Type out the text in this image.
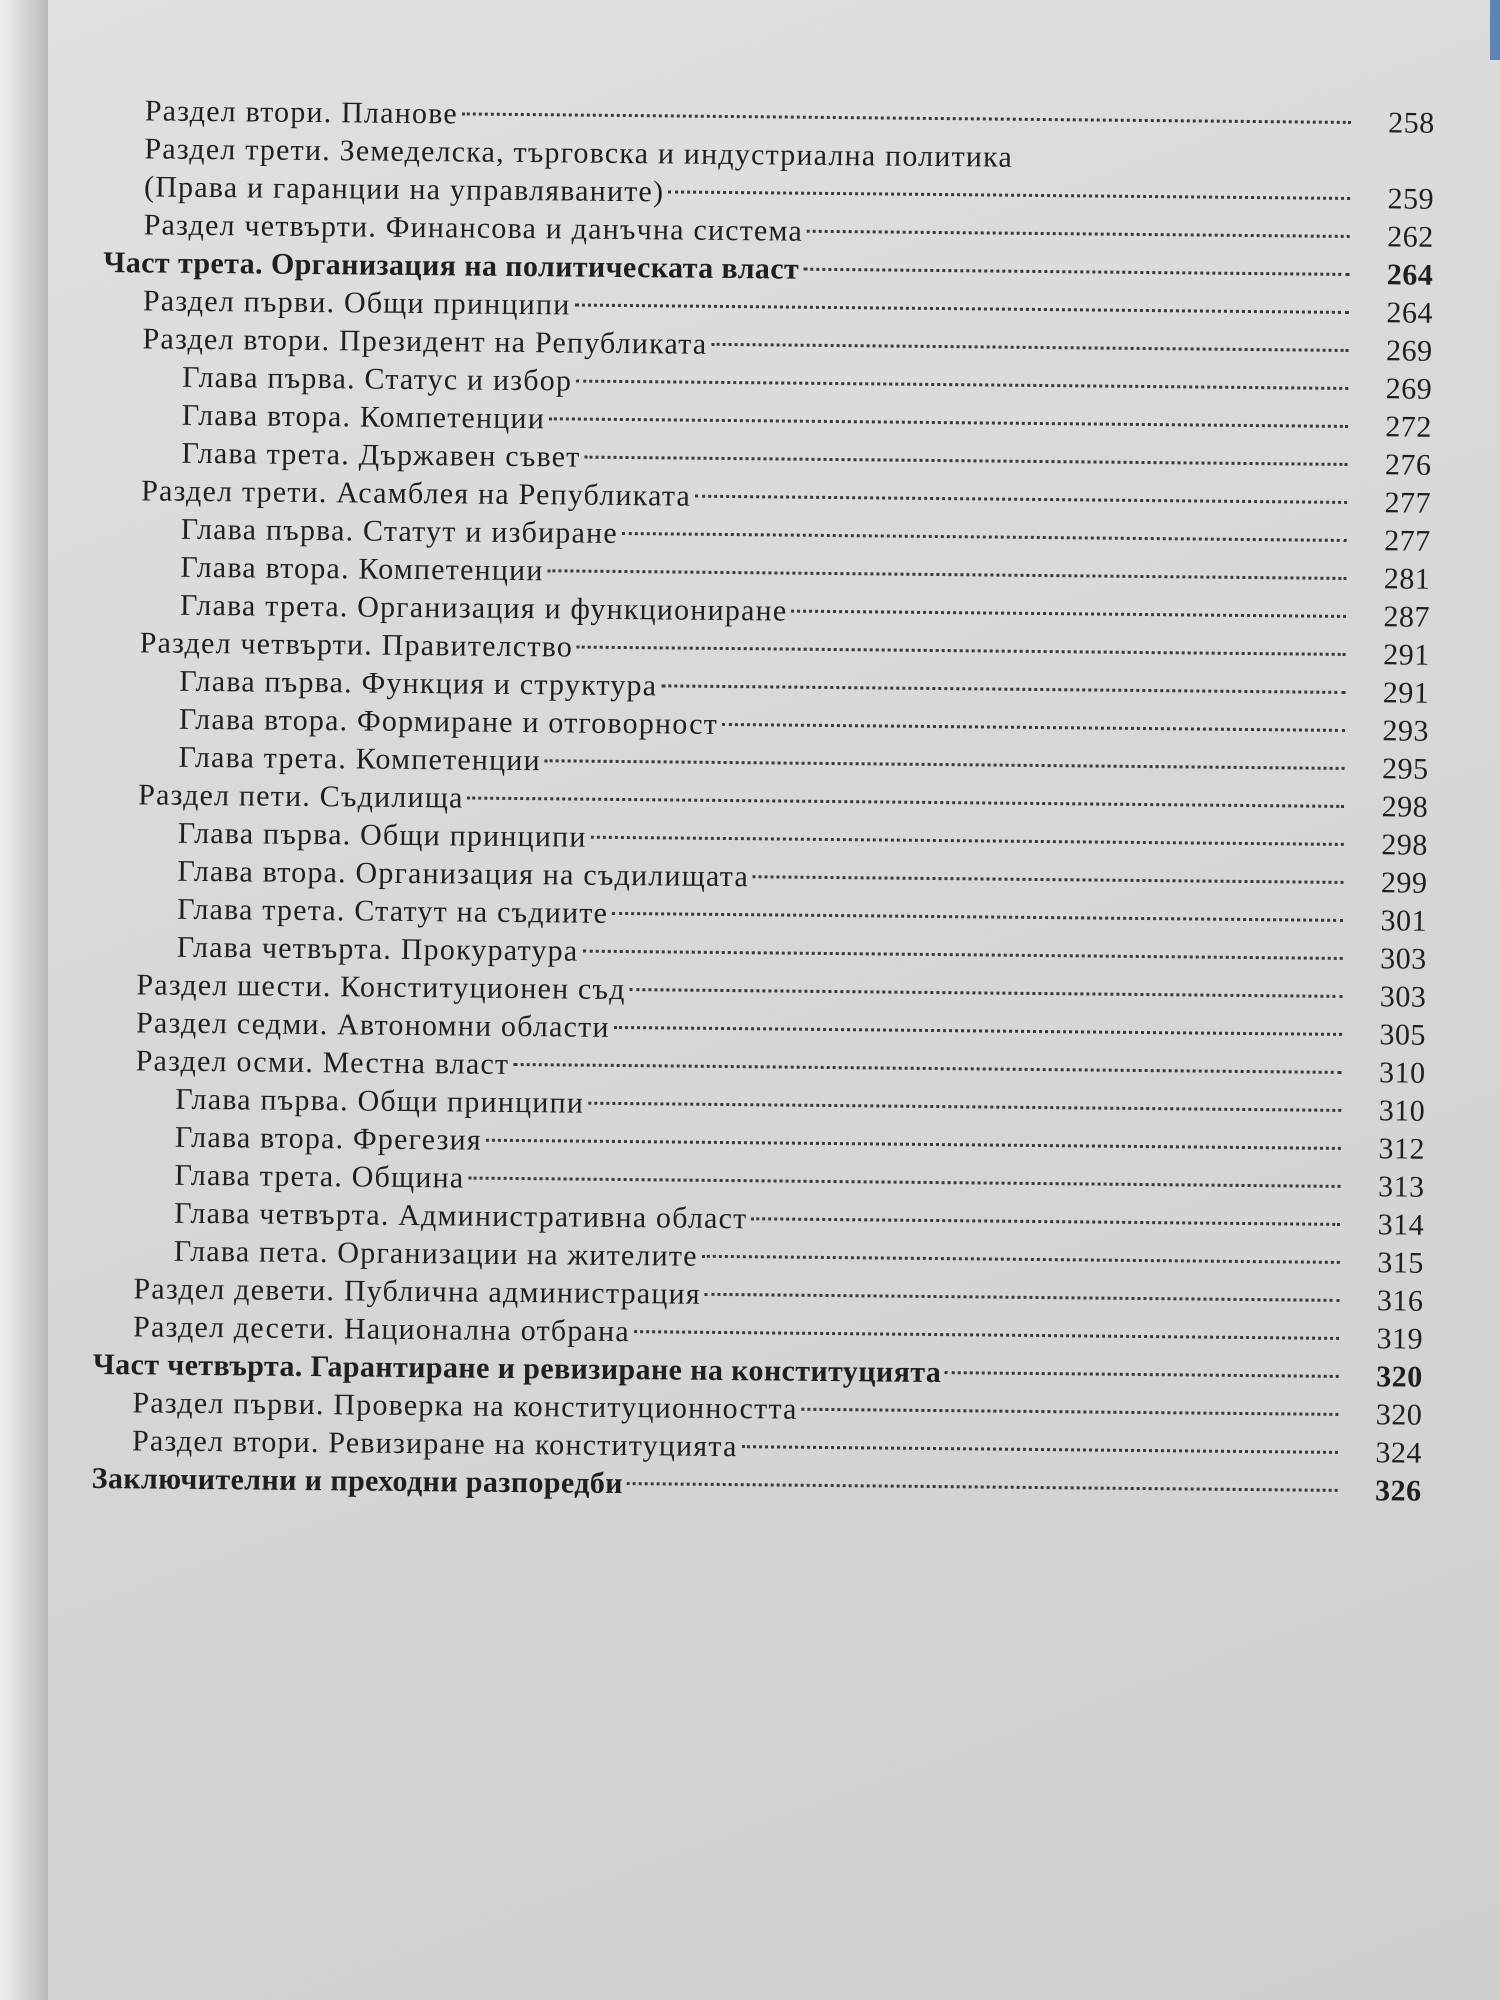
Раздел втори. Планове	258
Раздел трети. Земеделска, търговска и индустриална политика
(Права и гаранции на управляваните)	259
Раздел четвърти. Финансова и данъчна система	262
Част трета. Организация на политическата власт	264
Раздел първи. Общи принципи	264
Раздел втори. Президент на Републиката	269
Глава първа. Статус и избор	269
Глава втора. Компетенции	272
Глава трета. Държавен съвет	276
Раздел трети. Асамблея на Републиката	277
Глава първа. Статут и избиране	277
Глава втора. Компетенции	281
Глава трета. Организация и функциониране	287
Раздел четвърти. Правителство	291
Глава първа. Функция и структура	291
Глава втора. Формиране и отговорност	293
Глава трета. Компетенции	295
Раздел пети. Съдилища	298
Глава първа. Общи принципи	298
Глава втора. Организация на съдилищата	299
Глава трета. Статут на съдиите	301
Глава четвърта. Прокуратура	303
Раздел шести. Конституционен съд	303
Раздел седми. Автономни области	305
Раздел осми. Местна власт	310
Глава първа. Общи принципи	310
Глава втора. Фрегезия	312
Глава трета. Община	313
Глава четвърта. Административна област	314
Глава пета. Организации на жителите	315
Раздел девети. Публична администрация	316
Раздел десети. Национална отбрана	319
Част четвърта. Гарантиране и ревизиране на конституцията	320
Раздел първи. Проверка на конституционността	320
Раздел втори. Ревизиране на конституцията	324
Заключителни и преходни разпоредби	326
